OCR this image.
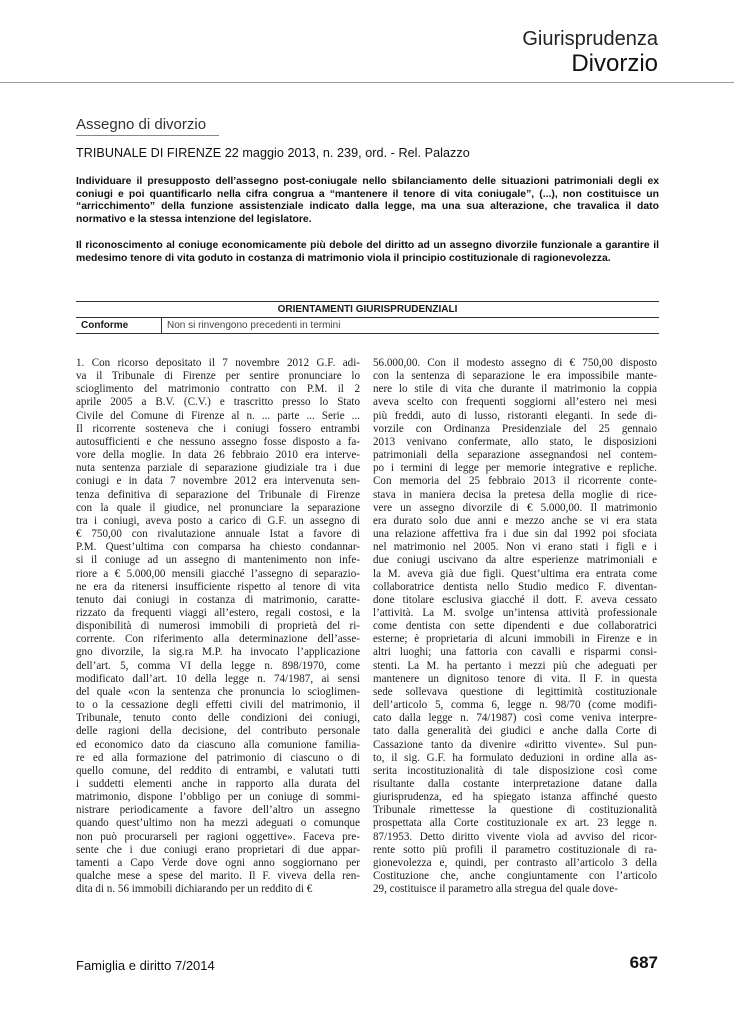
Giurisprudenza
Divorzio
Assegno di divorzio
TRIBUNALE DI FIRENZE 22 maggio 2013, n. 239, ord. - Rel. Palazzo
Individuare il presupposto dell’assegno post-coniugale nello sbilanciamento delle situazioni patrimoniali degli ex coniugi e poi quantificarlo nella cifra congrua a “mantenere il tenore di vita coniugale”, (...), non costituisce un “arricchimento” della funzione assistenziale indicato dalla legge, ma una sua alterazione, che travalica il dato normativo e la stessa intenzione del legislatore.
Il riconoscimento al coniuge economicamente più debole del diritto ad un assegno divorzile funzionale a garantire il medesimo tenore di vita goduto in costanza di matrimonio viola il principio costituzionale di ragionevolezza.
ORIENTAMENTI GIURISPRUDENZIALI
Conforme	Non si rinvengono precedenti in termini
1. Con ricorso depositato il 7 novembre 2012 G.F. adi-
va il Tribunale di Firenze per sentire pronunciare lo
scioglimento del matrimonio contratto con P.M. il 2
aprile 2005 a B.V. (C.V.) e trascritto presso lo Stato
Civile del Comune di Firenze al n. ... parte ... Serie ...
Il ricorrente sosteneva che i coniugi fossero entrambi
autosufficienti e che nessuno assegno fosse disposto a fa-
vore della moglie. In data 26 febbraio 2010 era interve-
nuta sentenza parziale di separazione giudiziale tra i due
coniugi e in data 7 novembre 2012 era intervenuta sen-
tenza definitiva di separazione del Tribunale di Firenze
con la quale il giudice, nel pronunciare la separazione
tra i coniugi, aveva posto a carico di G.F. un assegno di
€ 750,00 con rivalutazione annuale Istat a favore di
P.M. Quest’ultima con comparsa ha chiesto condannar-
si il coniuge ad un assegno di mantenimento non infe-
riore a € 5.000,00 mensili giacché l’assegno di separazio-
ne era da ritenersi insufficiente rispetto al tenore di vita
tenuto dai coniugi in costanza di matrimonio, caratte-
rizzato da frequenti viaggi all’estero, regali costosi, e la
disponibilità di numerosi immobili di proprietà del ri-
corrente. Con riferimento alla determinazione dell’asse-
gno divorzile, la sig.ra M.P. ha invocato l’applicazione
dell’art. 5, comma VI della legge n. 898/1970, come
modificato dall’art. 10 della legge n. 74/1987, ai sensi
del quale «con la sentenza che pronuncia lo scioglimen-
to o la cessazione degli effetti civili del matrimonio, il
Tribunale, tenuto conto delle condizioni dei coniugi,
delle ragioni della decisione, del contributo personale
ed economico dato da ciascuno alla comunione familia-
re ed alla formazione del patrimonio di ciascuno o di
quello comune, del reddito di entrambi, e valutati tutti
i suddetti elementi anche in rapporto alla durata del
matrimonio, dispone l’obbligo per un coniuge di sommi-
nistrare periodicamente a favore dell’altro un assegno
quando quest’ultimo non ha mezzi adeguati o comunque
non può procurarseli per ragioni oggettive». Faceva pre-
sente che i due coniugi erano proprietari di due appar-
tamenti a Capo Verde dove ogni anno soggiornano per
qualche mese a spese del marito. Il F. viveva della ren-
dita di n. 56 immobili dichiarando per un reddito di €
56.000,00. Con il modesto assegno di € 750,00 disposto
con la sentenza di separazione le era impossibile mante-
nere lo stile di vita che durante il matrimonio la coppia
aveva scelto con frequenti soggiorni all’estero nei mesi
più freddi, auto di lusso, ristoranti eleganti. In sede di-
vorzile con Ordinanza Presidenziale del 25 gennaio
2013 venivano confermate, allo stato, le disposizioni
patrimoniali della separazione assegnandosi nel contem-
po i termini di legge per memorie integrative e repliche.
Con memoria del 25 febbraio 2013 il ricorrente conte-
stava in maniera decisa la pretesa della moglie di rice-
vere un assegno divorzile di € 5.000,00. Il matrimonio
era durato solo due anni e mezzo anche se vi era stata
una relazione affettiva fra i due sin dal 1992 poi sfociata
nel matrimonio nel 2005. Non vi erano stati i figli e i
due coniugi uscivano da altre esperienze matrimoniali e
la M. aveva già due figli. Quest’ultima era entrata come
collaboratrice dentista nello Studio medico F. diventan-
done titolare esclusiva giacché il dott. F. aveva cessato
l’attività. La M. svolge un’intensa attività professionale
come dentista con sette dipendenti e due collaboratrici
esterne; è proprietaria di alcuni immobili in Firenze e in
altri luoghi; una fattoria con cavalli e risparmi consi-
stenti. La M. ha pertanto i mezzi più che adeguati per
mantenere un dignitoso tenore di vita. Il F. in questa
sede sollevava questione di legittimità costituzionale
dell’articolo 5, comma 6, legge n. 98/70 (come modifi-
cato dalla legge n. 74/1987) così come veniva interpre-
tato dalla generalità dei giudici e anche dalla Corte di
Cassazione tanto da divenire «diritto vivente». Sul pun-
to, il sig. G.F. ha formulato deduzioni in ordine alla as-
serita incostituzionalità di tale disposizione così come
risultante dalla costante interpretazione datane dalla
giurisprudenza, ed ha spiegato istanza affinché questo
Tribunale rimettesse la questione di costituzionalità
prospettata alla Corte costituzionale ex art. 23 legge n.
87/1953. Detto diritto vivente viola ad avviso del ricor-
rente sotto più profili il parametro costituzionale di ra-
gionevolezza e, quindi, per contrasto all’articolo 3 della
Costituzione che, anche congiuntamente con l’articolo
29, costituisce il parametro alla stregua del quale dove-
Famiglia e diritto 7/2014	687
